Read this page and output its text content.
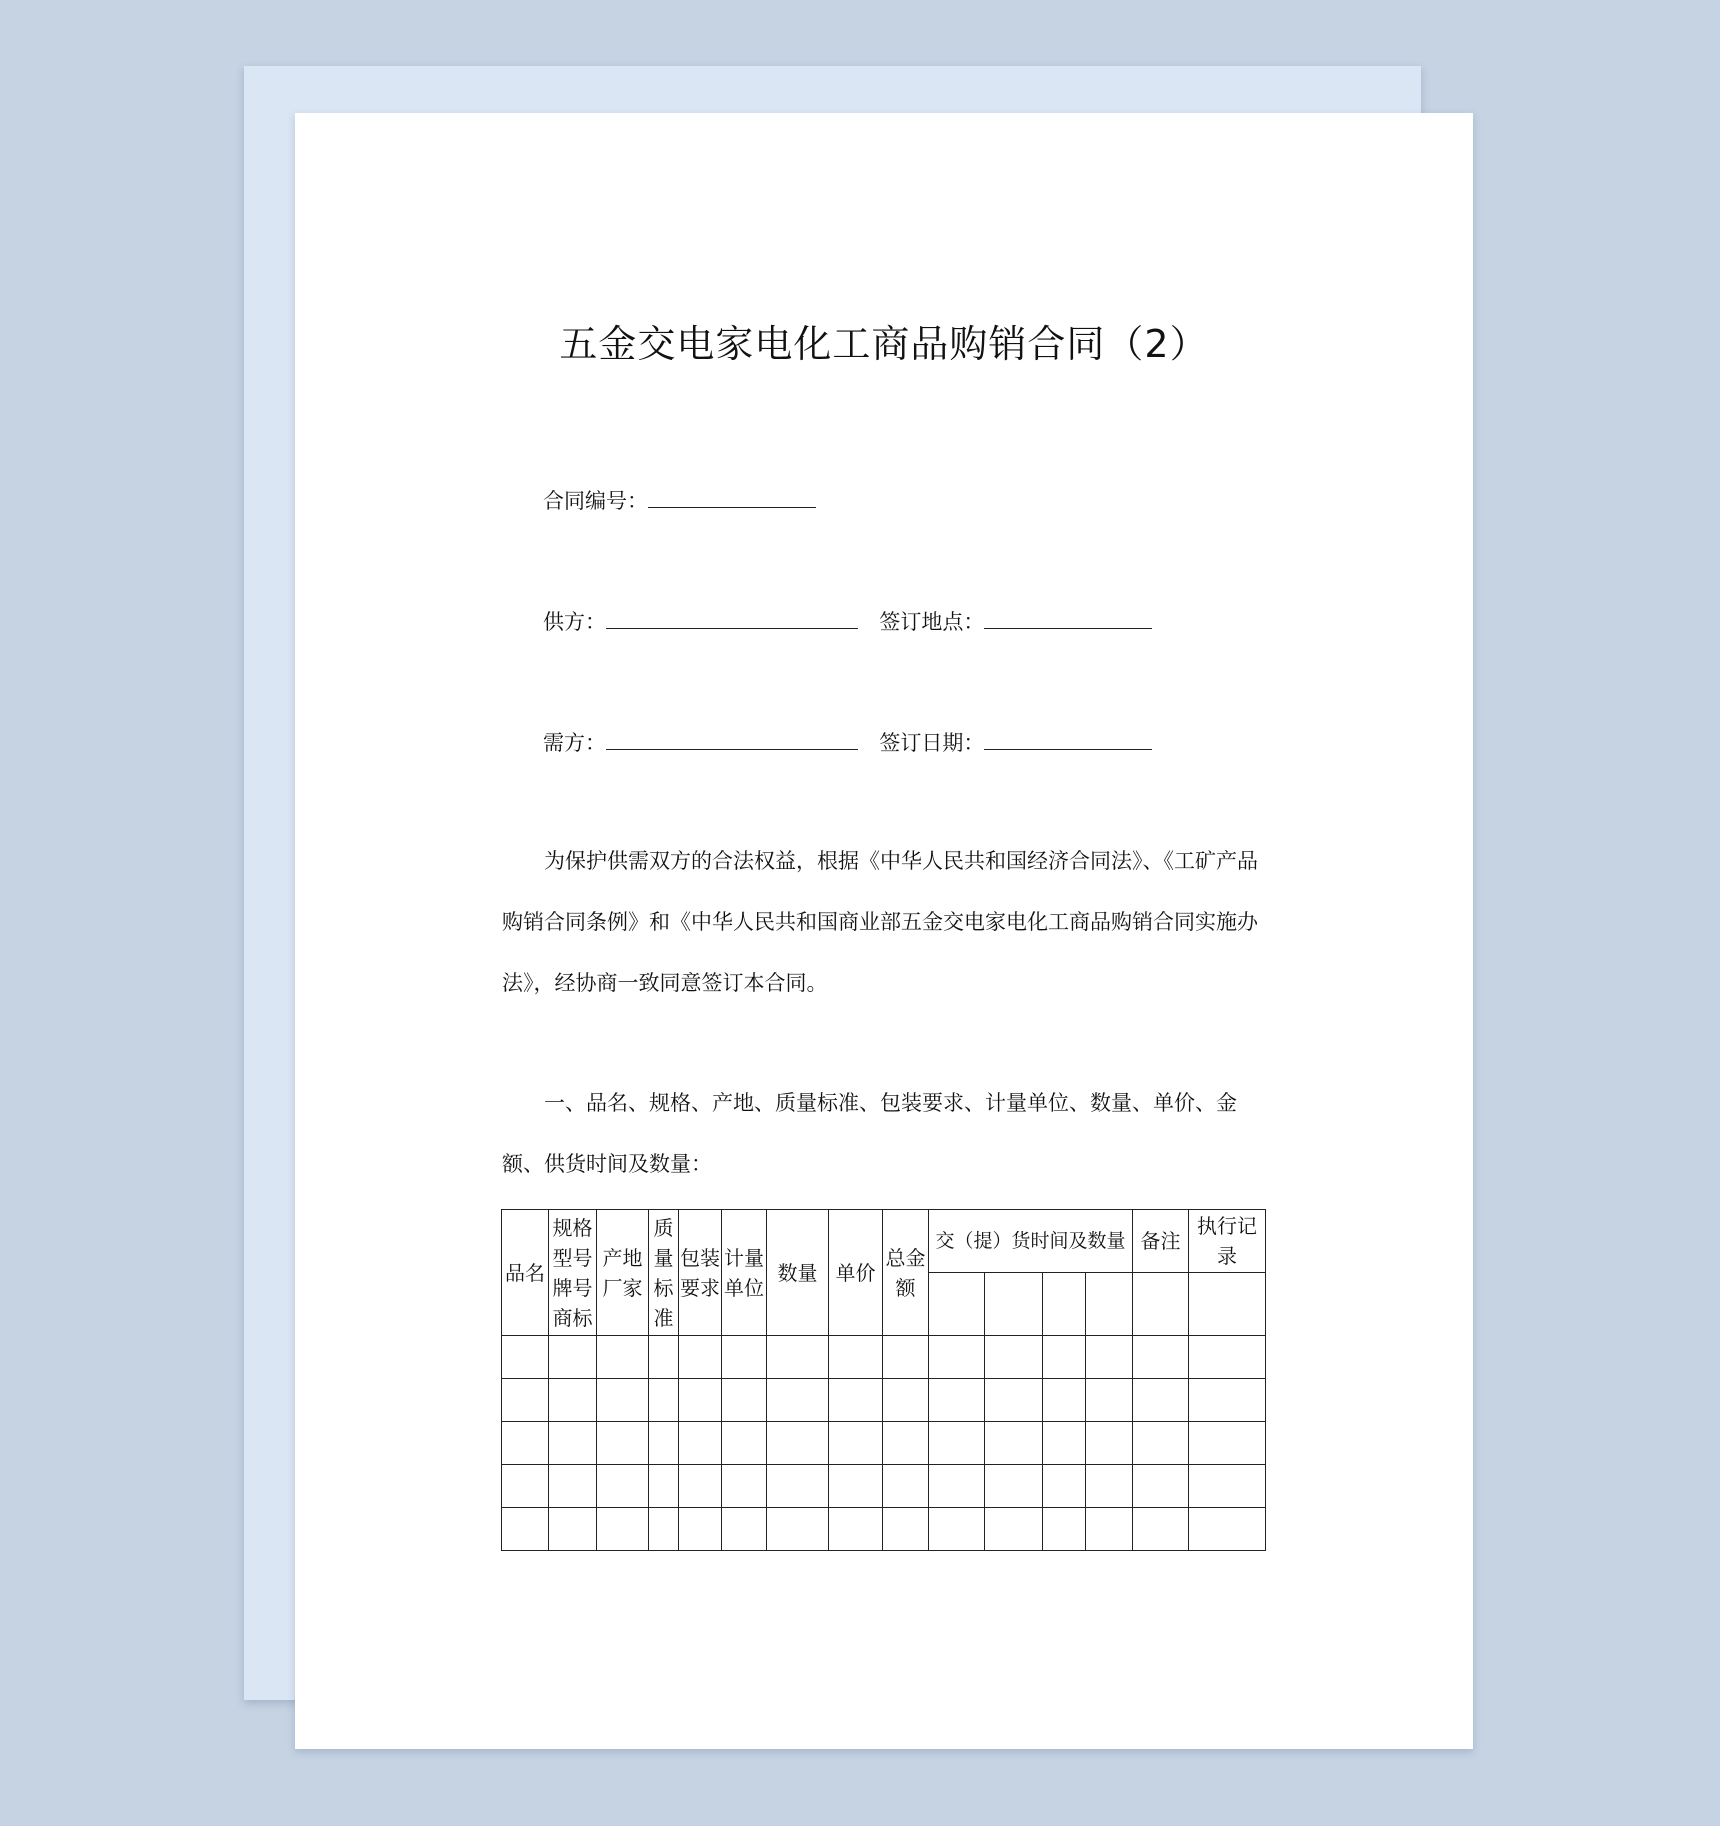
五金交电家电化工商品购销合同（2）
合同编号：
供方：	签订地点：
需方：	签订日期：
为保护供需双方的合法权益，根据《中华人民共和国经济合同法》、《工矿产品购销合同条例》和《中华人民共和国商业部五金交电家电化工商品购销合同实施办法》，经协商一致同意签订本合同。
一、品名、规格、产地、质量标准、包装要求、计量单位、数量、单价、金额、供货时间及数量：
品名	规格型号牌号商标	产地厂家	质量标准	包装要求	计量单位	数量	单价	总金额	交（提）货时间及数量				备注	执行记录
